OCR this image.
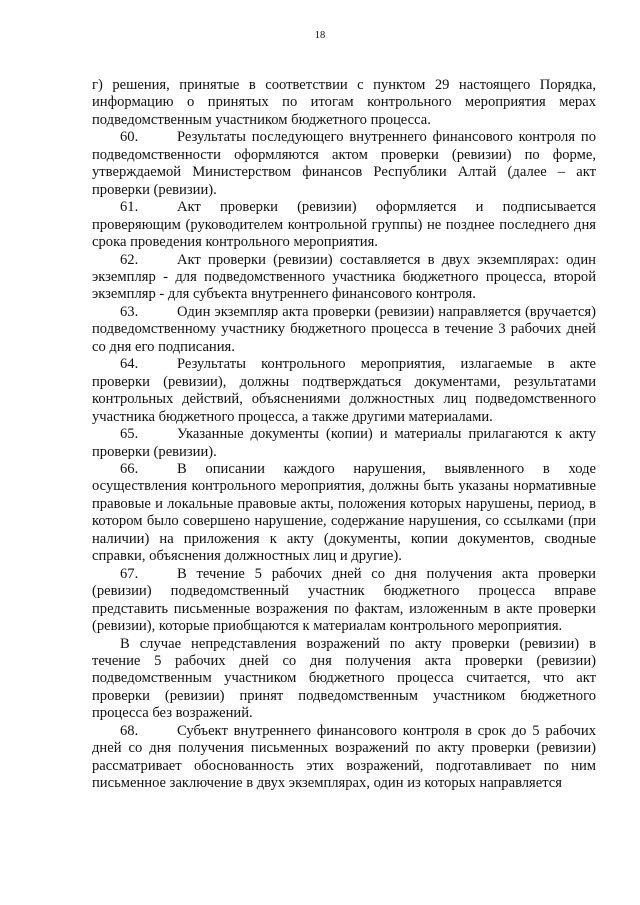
18

г) решения, принятые в соответствии с пунктом 29 настоящего Порядка, информацию о принятых по итогам контрольного мероприятия мерах подведомственным участником бюджетного процесса.

60.	Результаты последующего внутреннего финансового контроля по подведомственности оформляются актом проверки (ревизии) по форме, утверждаемой Министерством финансов Республики Алтай (далее – акт проверки (ревизии).

61.	Акт проверки (ревизии) оформляется и подписывается проверяющим (руководителем контрольной группы) не позднее последнего дня срока проведения контрольного мероприятия.

62.	Акт проверки (ревизии) составляется в двух экземплярах: один экземпляр - для подведомственного участника бюджетного процесса, второй экземпляр - для субъекта внутреннего финансового контроля.

63.	Один экземпляр акта проверки (ревизии) направляется (вручается) подведомственному участнику бюджетного процесса в течение 3 рабочих дней со дня его подписания.

64.	Результаты контрольного мероприятия, излагаемые в акте проверки (ревизии), должны подтверждаться документами, результатами контрольных действий, объяснениями должностных лиц подведомственного участника бюджетного процесса, а также другими материалами.

65.	Указанные документы (копии) и материалы прилагаются к акту проверки (ревизии).

66.	В описании каждого нарушения, выявленного в ходе осуществления контрольного мероприятия, должны быть указаны нормативные правовые и локальные правовые акты, положения которых нарушены, период, в котором было совершено нарушение, содержание нарушения, со ссылками (при наличии) на приложения к акту (документы, копии документов, сводные справки, объяснения должностных лиц и другие).

67.	В течение 5 рабочих дней со дня получения акта проверки (ревизии) подведомственный участник бюджетного процесса вправе представить письменные возражения по фактам, изложенным в акте проверки (ревизии), которые приобщаются к материалам контрольного мероприятия.

В случае непредставления возражений по акту проверки (ревизии) в течение 5 рабочих дней со дня получения акта проверки (ревизии) подведомственным участником бюджетного процесса считается, что акт проверки (ревизии) принят подведомственным участником бюджетного процесса без возражений.

68.	Субъект внутреннего финансового контроля в срок до 5 рабочих дней со дня получения письменных возражений по акту проверки (ревизии) рассматривает обоснованность этих возражений, подготавливает по ним письменное заключение в двух экземплярах, один из которых направляется
